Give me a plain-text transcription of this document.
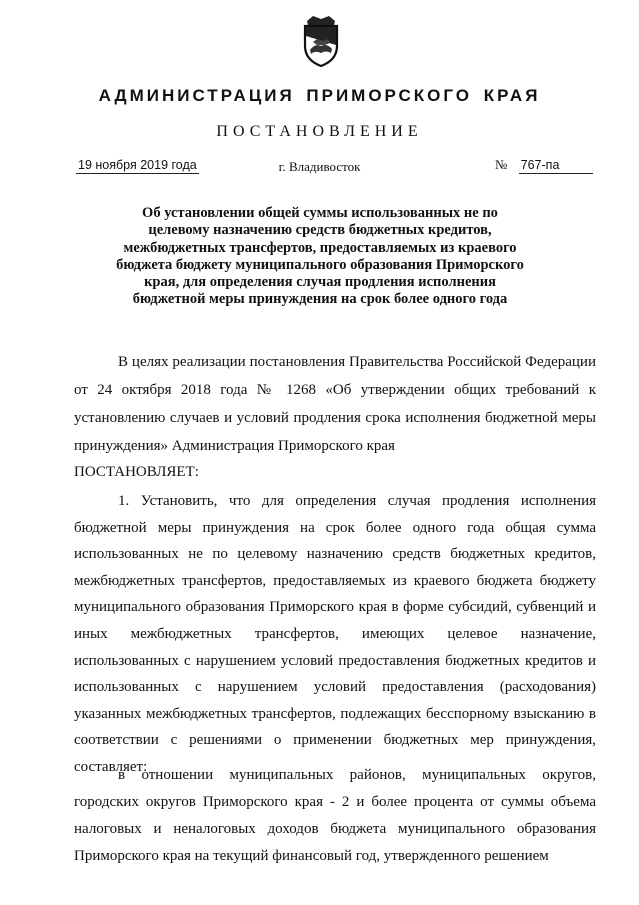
АДМИНИСТРАЦИЯ ПРИМОРСКОГО КРАЯ
ПОСТАНОВЛЕНИЕ
19 ноября 2019 года	г. Владивосток	№ 767-па
Об установлении общей суммы использованных не по целевому назначению средств бюджетных кредитов, межбюджетных трансфертов, предоставляемых из краевого бюджета бюджету муниципального образования Приморского края, для определения случая продления исполнения бюджетной меры принуждения на срок более одного года
В целях реализации постановления Правительства Российской Федерации от 24 октября 2018 года № 1268 «Об утверждении общих требований к установлению случаев и условий продления срока исполнения бюджетной меры принуждения» Администрация Приморского края
ПОСТАНОВЛЯЕТ:
1. Установить, что для определения случая продления исполнения бюджетной меры принуждения на срок более одного года общая сумма использованных не по целевому назначению средств бюджетных кредитов, межбюджетных трансфертов, предоставляемых из краевого бюджета бюджету муниципального образования Приморского края в форме субсидий, субвенций и иных межбюджетных трансфертов, имеющих целевое назначение, использованных с нарушением условий предоставления бюджетных кредитов и использованных с нарушением условий предоставления (расходования) указанных межбюджетных трансфертов, подлежащих бесспорному взысканию в соответствии с решениями о применении бюджетных мер принуждения, составляет:
в отношении муниципальных районов, муниципальных округов, городских округов Приморского края - 2 и более процента от суммы объема налоговых и неналоговых доходов бюджета муниципального образования Приморского края на текущий финансовый год, утвержденного решением
